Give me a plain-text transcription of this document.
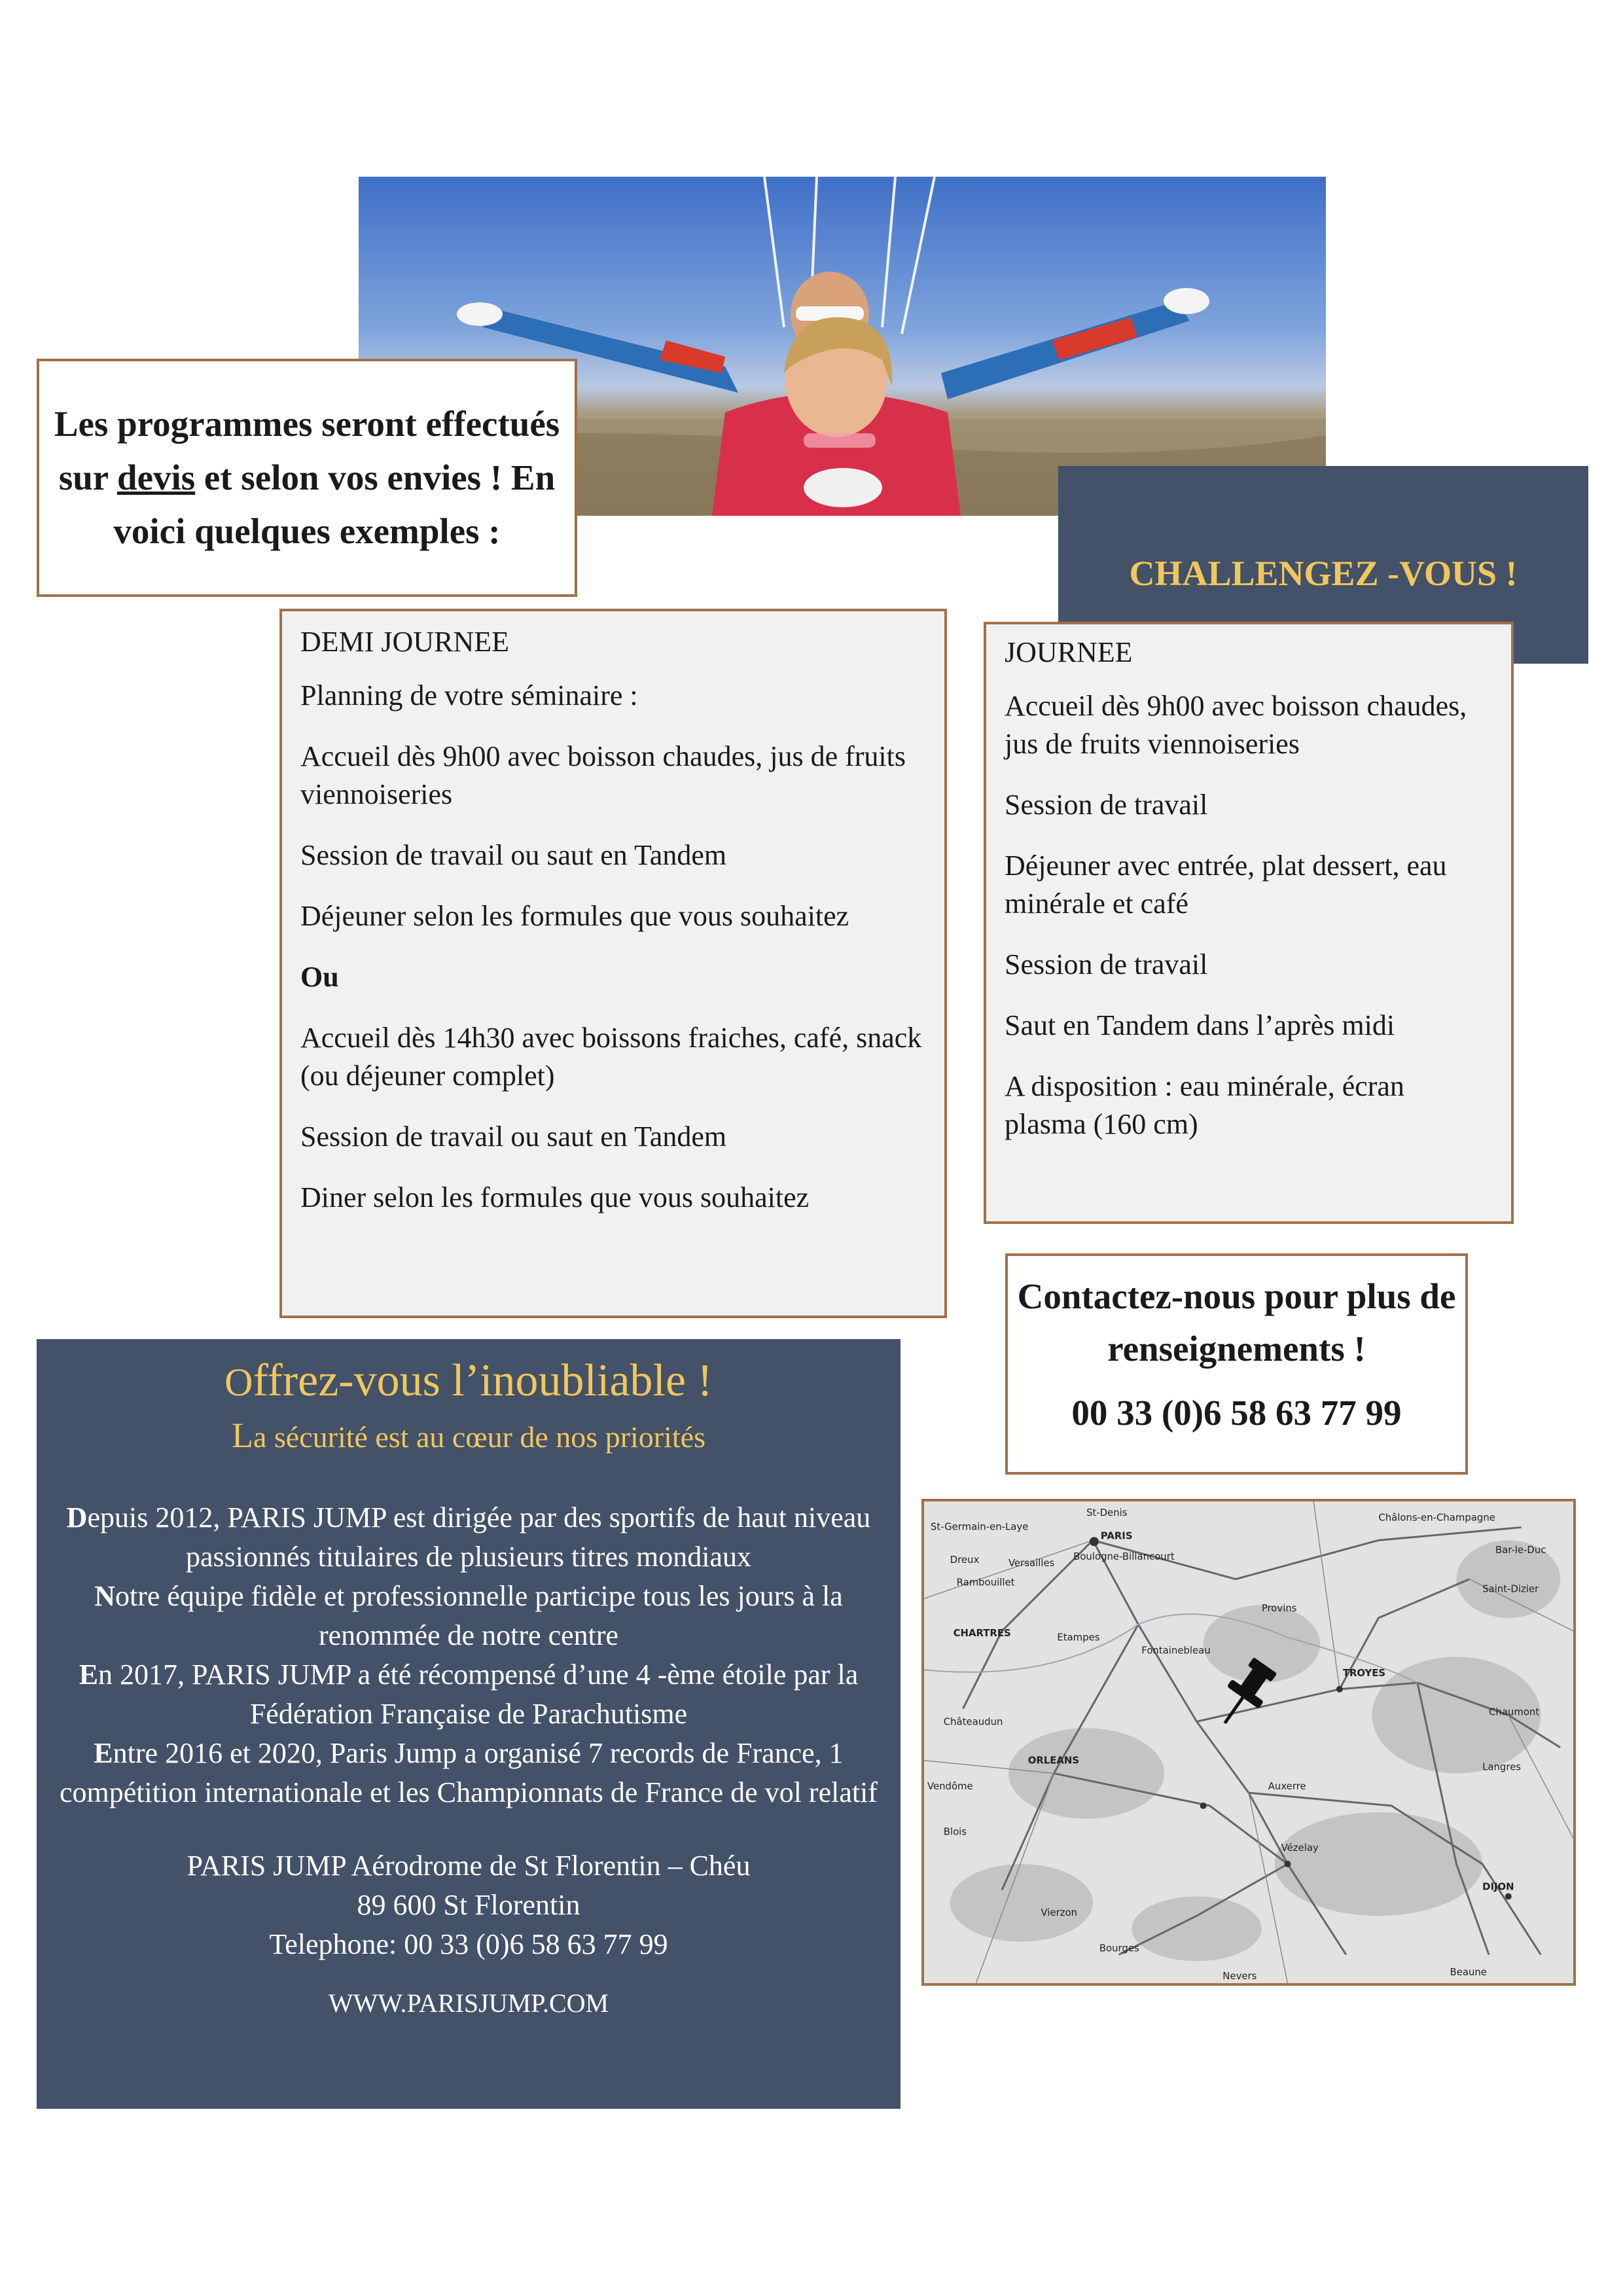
Les programmes seront effectués sur devis et selon vos envies ! En voici quelques exemples :

CHALLENGEZ -VOUS !

DEMI JOURNEE

Planning de votre séminaire :

Accueil dès 9h00 avec boisson chaudes, jus de fruits viennoiseries

Session de travail ou saut en Tandem

Déjeuner selon les formules que vous souhaitez

Ou

Accueil dès 14h30 avec boissons fraiches, café, snack (ou déjeuner complet)

Session de travail ou saut en Tandem

Diner selon les formules que vous souhaitez

JOURNEE

Accueil dès 9h00 avec boisson chaudes, jus de fruits viennoiseries

Session de travail

Déjeuner avec entrée, plat dessert, eau minérale et café

Session de travail

Saut en Tandem dans l’après midi

A disposition : eau minérale, écran plasma (160 cm)

Contactez-nous pour plus de renseignements !

00 33 (0)6 58 63 77 99

Offrez-vous l’inoubliable !

La sécurité est au cœur de nos priorités

Depuis 2012, PARIS JUMP est dirigée par des sportifs de haut niveau passionnés titulaires de plusieurs titres mondiaux
Notre équipe fidèle et professionnelle participe tous les jours à la renommée de notre centre
En 2017, PARIS JUMP a été récompensé d’une 4 -ème étoile par la Fédération Française de Parachutisme
Entre 2016 et 2020, Paris Jump a organisé 7 records de France, 1 compétition internationale et les Championnats de France de vol relatif
PARIS JUMP Aérodrome de St Florentin – Chéu
89 600 St Florentin
Telephone: 00 33 (0)6 58 63 77 99
WWW.PARISJUMP.COM
St-Denis
PARIS
St-Germain-en-Laye
Boulogne-Billancourt
Versailles
Rambouillet
Dreux
CHARTRES	Etampes
Fontainebleau
Provins
Châlons-en-Champagne
Bar-le-Duc
Saint-Dizier
TROYES
Chaumont
Châteaudun
ORLEANS
Auxerre
Langres
Blois
Vézelay
Vierzon
DIJON
Bourges
Nevers	Beaune
Vendôme
